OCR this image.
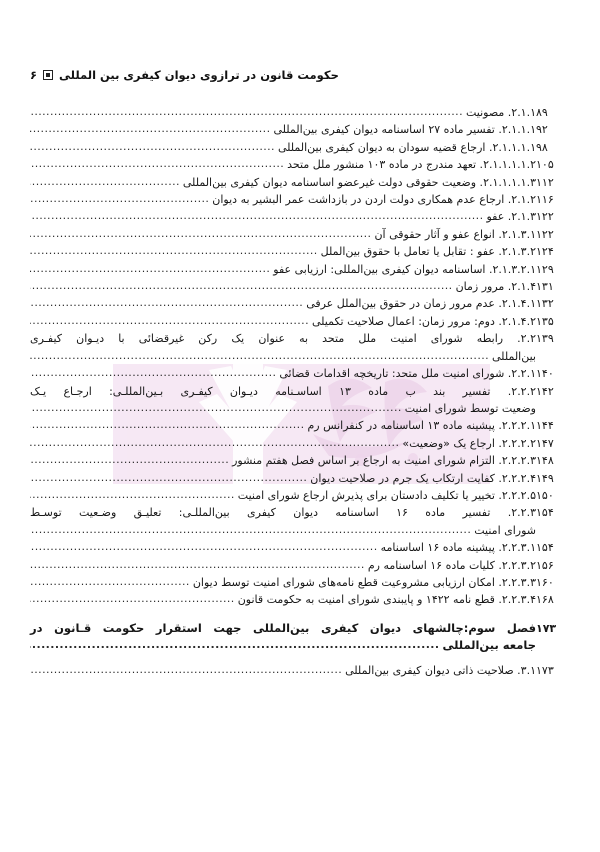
۶ حکومت قانون در ترازوی دیوان کیفری بین المللی
۸۹
۲.۱.۱. مصونیت
.....
۹۲
۲.۱.۱.۱. تفسیر ماده ۲۷ اساسنامه دیوان کیفری بین‌المللی
.....
۹۸
۲.۱.۱.۱.۱. ارجاع قضیه سودان به دیوان کیفری بین‌المللی
.....
۱۰۵
۲.۱.۱.۱.۱.۲. تعهد مندرج در ماده ۱۰۳ منشور ملل متحد
.....
۱۱۲
۲.۱.۱.۱.۱.۳. وضعیت حقوقی دولت غیرعضو اساسنامه دیوان کیفری بین‌المللی
.....
۱۱۶
۲.۱.۲. ارجاع عدم همکاری دولت اردن در بازداشت عمر البشیر به دیوان
.....
۱۲۲
۲.۱.۳. عفو
.....
۱۲۲
۲.۱.۳.۱. انواع عفو و آثار حقوقی آن
.....
۱۲۴
۲.۱.۳.۲. عفو : تقابل یا تعامل با حقوق بین‌الملل
.....
۱۲۹
۲.۱.۳.۲.۱. اساسنامه دیوان کیفری بین‌المللی: ارزیابی عفو
.....
۱۳۱
۲.۱.۴. مرور زمان
.....
۱۳۲
۲.۱.۴.۱. عدم مرور زمان در حقوق بین‌الملل عرفی
.....
۱۳۵
۲.۱.۴.۲. دوم: مرور زمان: اعمال صلاحیت تکمیلی
.....
۱۳۹
۲.۲. رابطه شورای امنیت ملل متحد به عنوان یک رکن غیرقضائی با دیـوان کیفـری
بین‌المللی
.....
۱۴۰
۲.۲.۱. شورای امنیت ملل متحد: تاریخچه اقدامات قضائی
.....
۱۴۲
۲.۲.۲. تفسیر بند ب ماده ۱۳ اساسـنامه دیـوان کیفـری بـین‌المللـی: ارجـاع یـک
وضعیت توسط شورای امنیت
.....
۱۴۴
۲.۲.۲.۱. پیشینه ماده ۱۳ اساسنامه در کنفرانس رم
.....
۱۴۷
۲.۲.۲.۲. ارجاع یک «وضعیت»
.....
۱۴۸
۲.۲.۲.۳. التزام شورای امنیت به ارجاع بر اساس فصل هفتم منشور
.....
۱۴۹
۲.۲.۲.۴. کفایت ارتکاب یک جرم در صلاحیت دیوان
.....
۱۵۰
۲.۲.۲.۵. تخییر یا تکلیف دادستان برای پذیرش ارجاع شورای امنیت
.....
۱۵۴
۲.۲.۳. تفسیر ماده ۱۶ اساسنامه دیوان کیفری بین‌المللـی: تعلیـق وضـعیت توسـط
شورای امنیت
.....
۱۵۴
۲.۲.۳.۱. پیشینه ماده ۱۶ اساسنامه
.....
۱۵۶
۲.۲.۳.۲. کلیات ماده ۱۶ اساسنامه رم
.....
۱۶۰
۲.۲.۳.۳. امکان ارزیابی مشروعیت قطع نامه‌های شورای امنیت توسط دیوان
.....
۱۶۸
۲.۲.۳.۴. قطع نامه ۱۴۲۲ و پایبندی شورای امنیت به حکومت قانون
.....
۱۷۳
فصل سوم:چالشهای دیوان کیفری بین‌المللی جهت استقرار حکومت قـانون در
جامعه بین‌المللی
.....
۱۷۳
۳.۱. صلاحیت ذاتی دیوان کیفری بین‌المللی
.....
